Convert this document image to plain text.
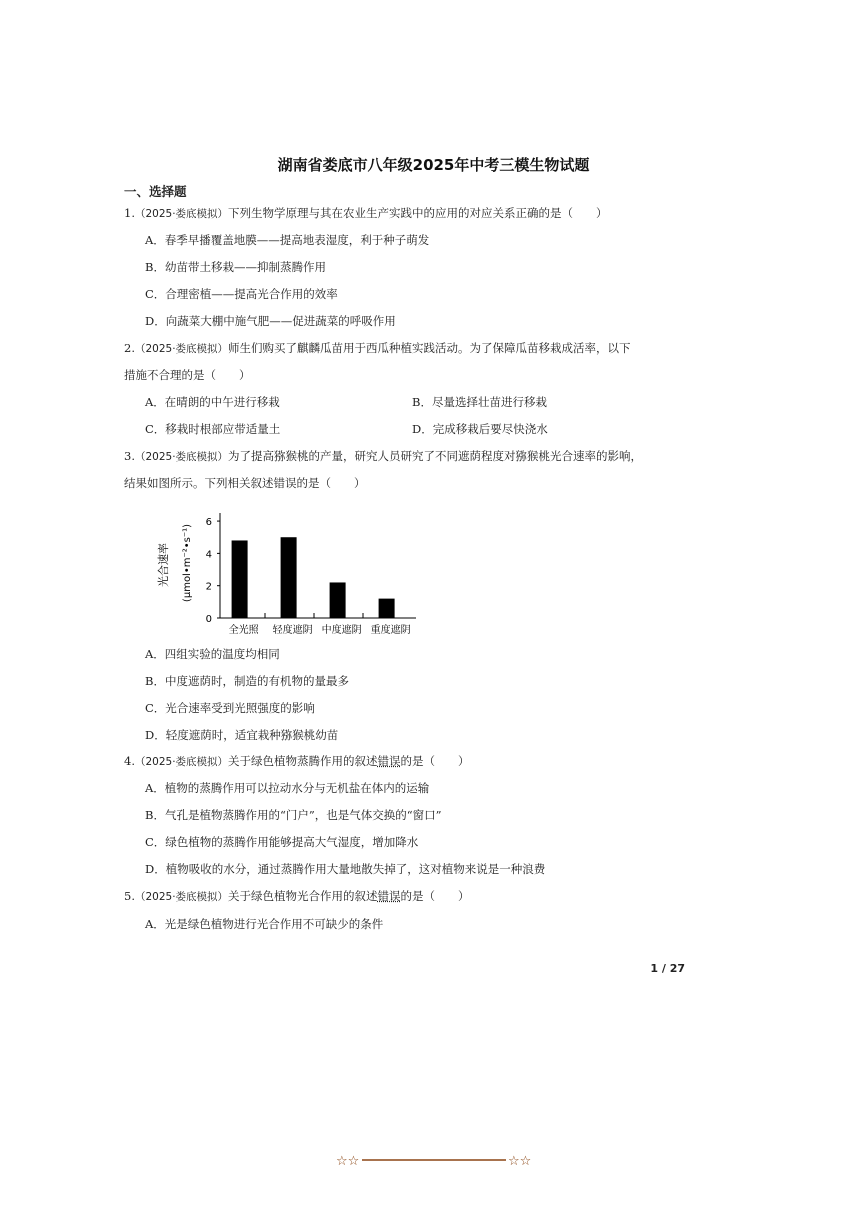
湖南省娄底市八年级2025年中考三模生物试题
一、选择题
1.（2025·娄底模拟）下列生物学原理与其在农业生产实践中的应用的对应关系正确的是（　　）
A．春季早播覆盖地膜——提高地表湿度，利于种子萌发
B．幼苗带土移栽——抑制蒸腾作用
C．合理密植——提高光合作用的效率
D．向蔬菜大棚中施气肥——促进蔬菜的呼吸作用
2.（2025·娄底模拟）师生们购买了麒麟瓜苗用于西瓜种植实践活动。为了保障瓜苗移栽成活率，以下
措施不合理的是（　　）
A．在晴朗的中午进行移栽	B．尽量选择壮苗进行移栽
C．移栽时根部应带适量土	D．完成移栽后要尽快浇水
3.（2025·娄底模拟）为了提高猕猴桃的产量，研究人员研究了不同遮荫程度对猕猴桃光合速率的影响，
结果如图所示。下列相关叙述错误的是（　　）
0
2
4
6
全光照 轻度遮阴 中度遮阴 重度遮阴
光合速率 (μmol•m⁻²•s⁻¹)
A．四组实验的温度均相同
B．中度遮荫时，制造的有机物的量最多
C．光合速率受到光照强度的影响
D．轻度遮荫时，适宜栽种猕猴桃幼苗
4.（2025·娄底模拟）关于绿色植物蒸腾作用的叙述错误的是（　　）
A．植物的蒸腾作用可以拉动水分与无机盐在体内的运输
B．气孔是植物蒸腾作用的“门户”，也是气体交换的“窗口”
C．绿色植物的蒸腾作用能够提高大气湿度，增加降水
D．植物吸收的水分，通过蒸腾作用大量地散失掉了，这对植物来说是一种浪费
5.（2025·娄底模拟）关于绿色植物光合作用的叙述错误的是（　　）
A．光是绿色植物进行光合作用不可缺少的条件
1 / 27
☆☆	☆☆
